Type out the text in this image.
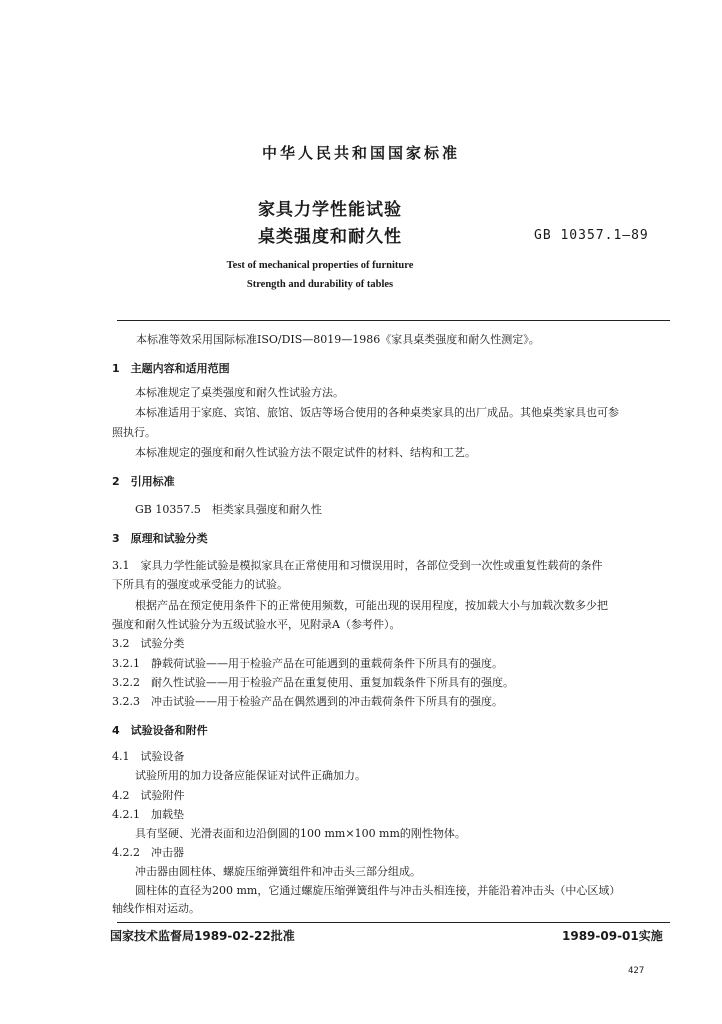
中华人民共和国国家标准
家具力学性能试验
桌类强度和耐久性	GB 10357.1—89
Test of mechanical properties of furniture
Strength and durability of tables
本标准等效采用国际标准ISO/DIS—8019—1986《家具桌类强度和耐久性测定》。
1　主题内容和适用范围
本标准规定了桌类强度和耐久性试验方法。
本标准适用于家庭、宾馆、旅馆、饭店等场合使用的各种桌类家具的出厂成品。其他桌类家具也可参
照执行。
本标准规定的强度和耐久性试验方法不限定试件的材料、结构和工艺。
2　引用标准
GB 10357.5　柜类家具强度和耐久性
3　原理和试验分类
3.1　家具力学性能试验是模拟家具在正常使用和习惯误用时，各部位受到一次性或重复性载荷的条件
下所具有的强度或承受能力的试验。
根据产品在预定使用条件下的正常使用频数，可能出现的误用程度，按加载大小与加载次数多少把
强度和耐久性试验分为五级试验水平，见附录A（参考件）。
3.2　试验分类
3.2.1　静载荷试验——用于检验产品在可能遇到的重载荷条件下所具有的强度。
3.2.2　耐久性试验——用于检验产品在重复使用、重复加载条件下所具有的强度。
3.2.3　冲击试验——用于检验产品在偶然遇到的冲击载荷条件下所具有的强度。
4　试验设备和附件
4.1　试验设备
试验所用的加力设备应能保证对试件正确加力。
4.2　试验附件
4.2.1　加载垫
具有坚硬、光滑表面和边沿倒圆的100 mm×100 mm的刚性物体。
4.2.2　冲击器
冲击器由圆柱体、螺旋压缩弹簧组件和冲击头三部分组成。
圆柱体的直径为200 mm，它通过螺旋压缩弹簧组件与冲击头相连接，并能沿着冲击头（中心区域）
轴线作相对运动。
国家技术监督局1989-02-22批准	1989-09-01实施
427
